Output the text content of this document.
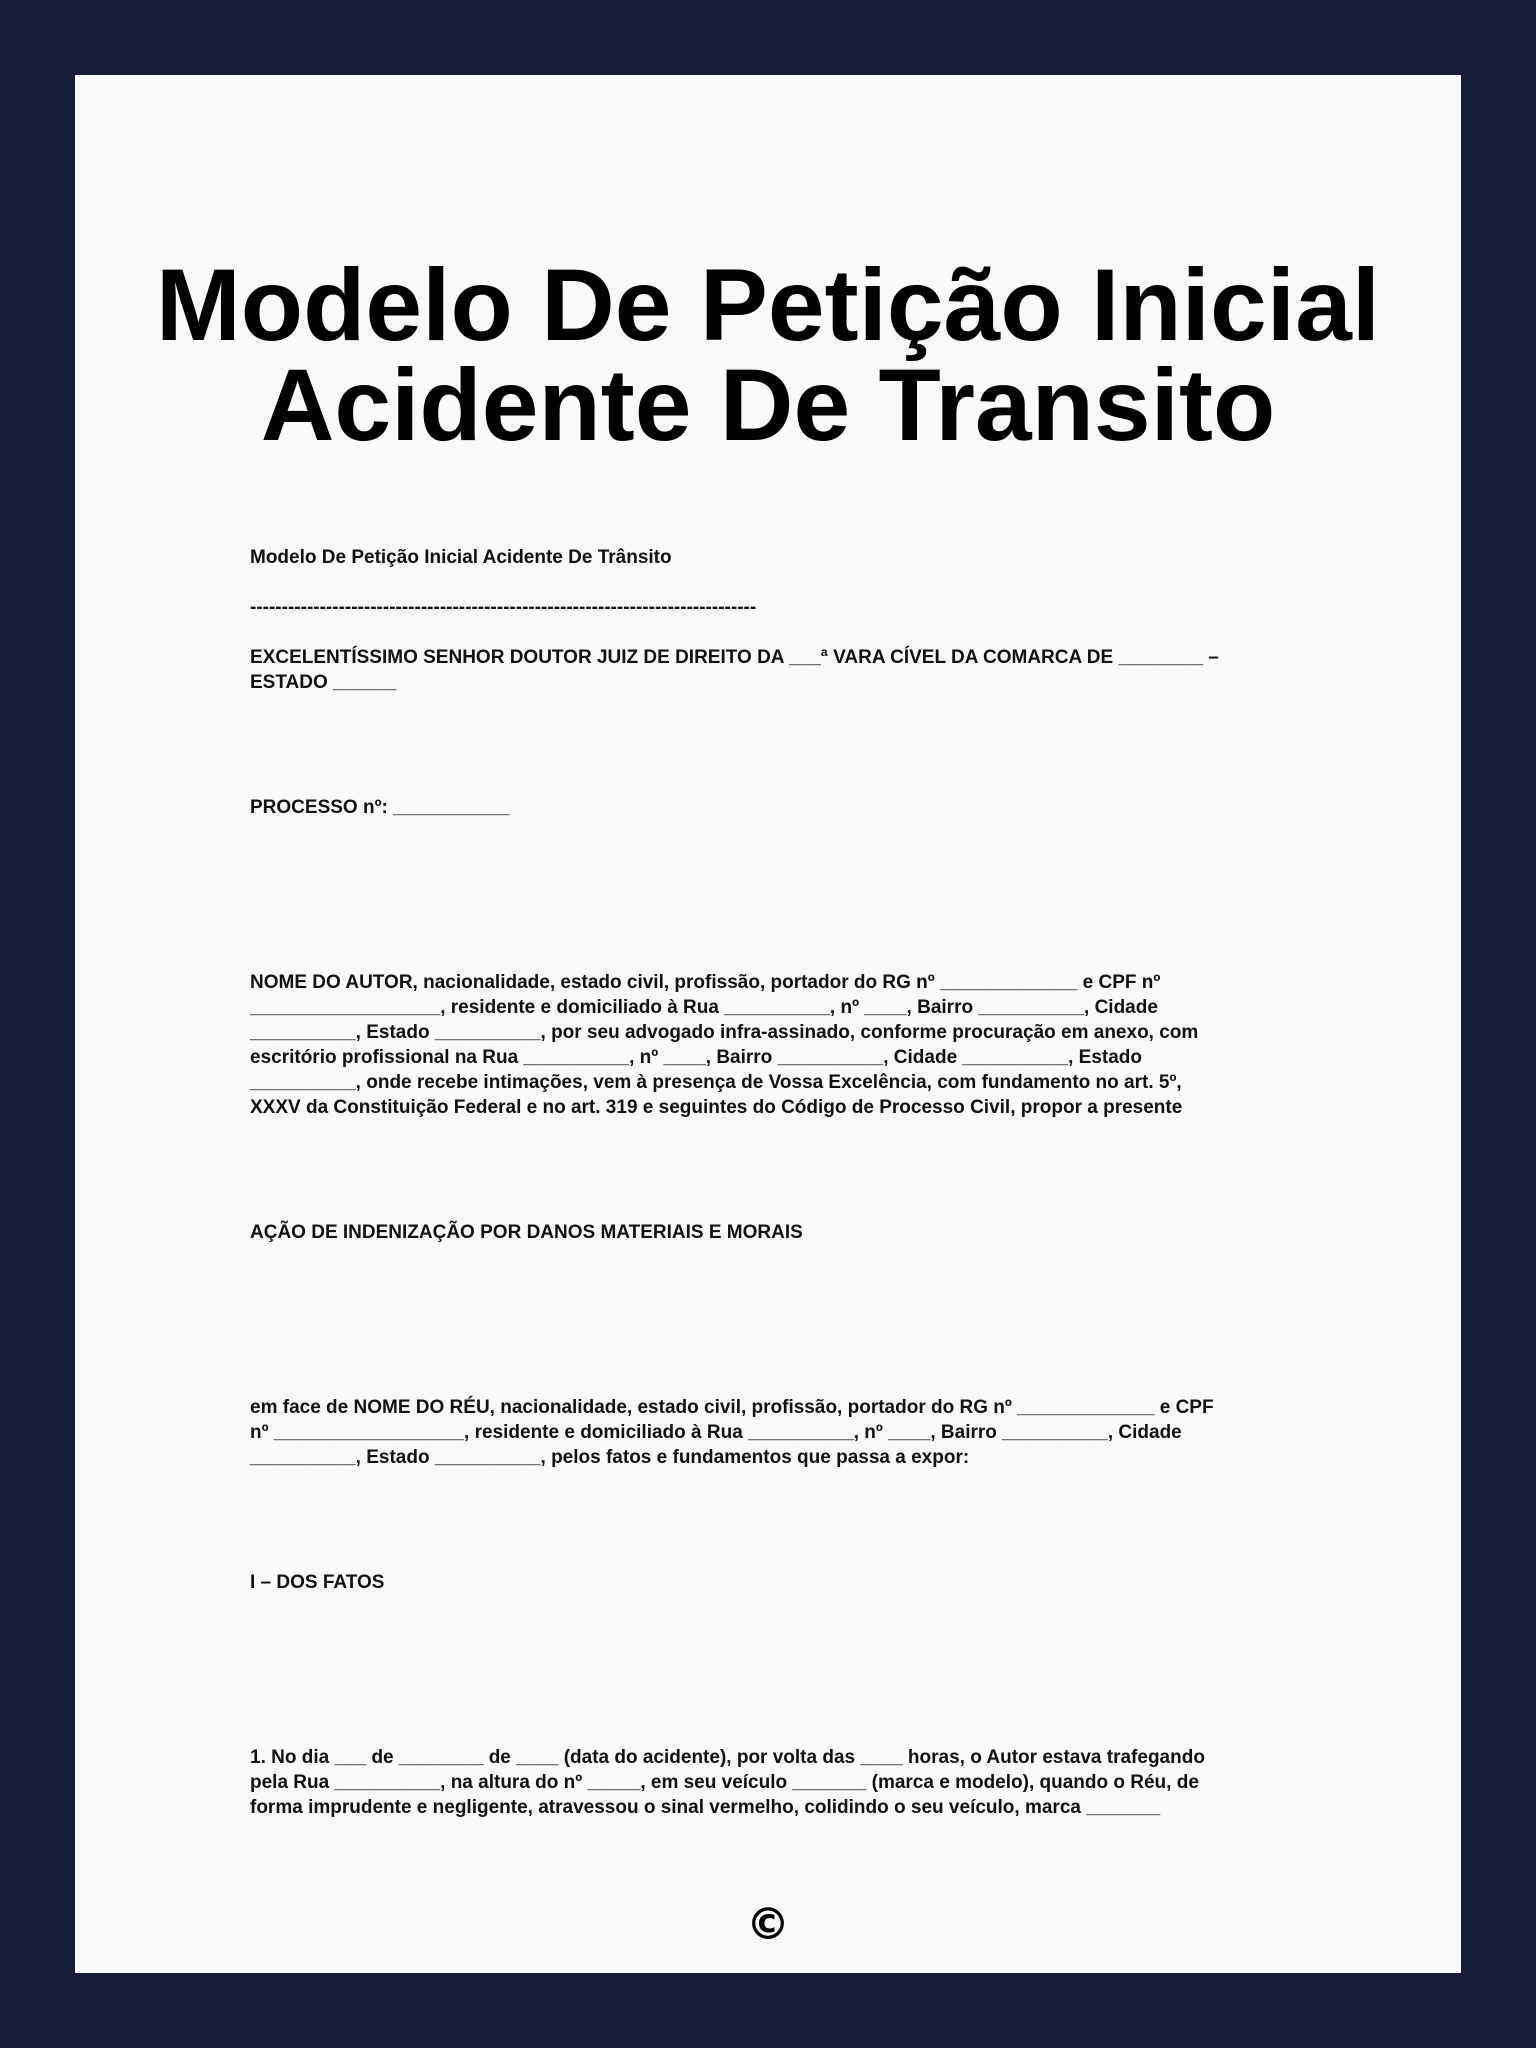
Modelo De Petição Inicial
Acidente De Transito

Modelo De Petição Inicial Acidente De Trânsito

--------------------------------------------------------------------------------

EXCELENTÍSSIMO SENHOR DOUTOR JUIZ DE DIREITO DA ___ª VARA CÍVEL DA COMARCA DE ________ –
ESTADO ______

PROCESSO nº: ___________

NOME DO AUTOR, nacionalidade, estado civil, profissão, portador do RG nº _____________ e CPF nº
__________________, residente e domiciliado à Rua __________, nº ____, Bairro __________, Cidade
__________, Estado __________, por seu advogado infra-assinado, conforme procuração em anexo, com
escritório profissional na Rua __________, nº ____, Bairro __________, Cidade __________, Estado
__________, onde recebe intimações, vem à presença de Vossa Excelência, com fundamento no art. 5º,
XXXV da Constituição Federal e no art. 319 e seguintes do Código de Processo Civil, propor a presente

AÇÃO DE INDENIZAÇÃO POR DANOS MATERIAIS E MORAIS

em face de NOME DO RÉU, nacionalidade, estado civil, profissão, portador do RG nº _____________ e CPF
nº __________________, residente e domiciliado à Rua __________, nº ____, Bairro __________, Cidade
__________, Estado __________, pelos fatos e fundamentos que passa a expor:

I – DOS FATOS

1. No dia ___ de ________ de ____ (data do acidente), por volta das ____ horas, o Autor estava trafegando
pela Rua __________, na altura do nº _____, em seu veículo _______ (marca e modelo), quando o Réu, de
forma imprudente e negligente, atravessou o sinal vermelho, colidindo o seu veículo, marca _______

©
